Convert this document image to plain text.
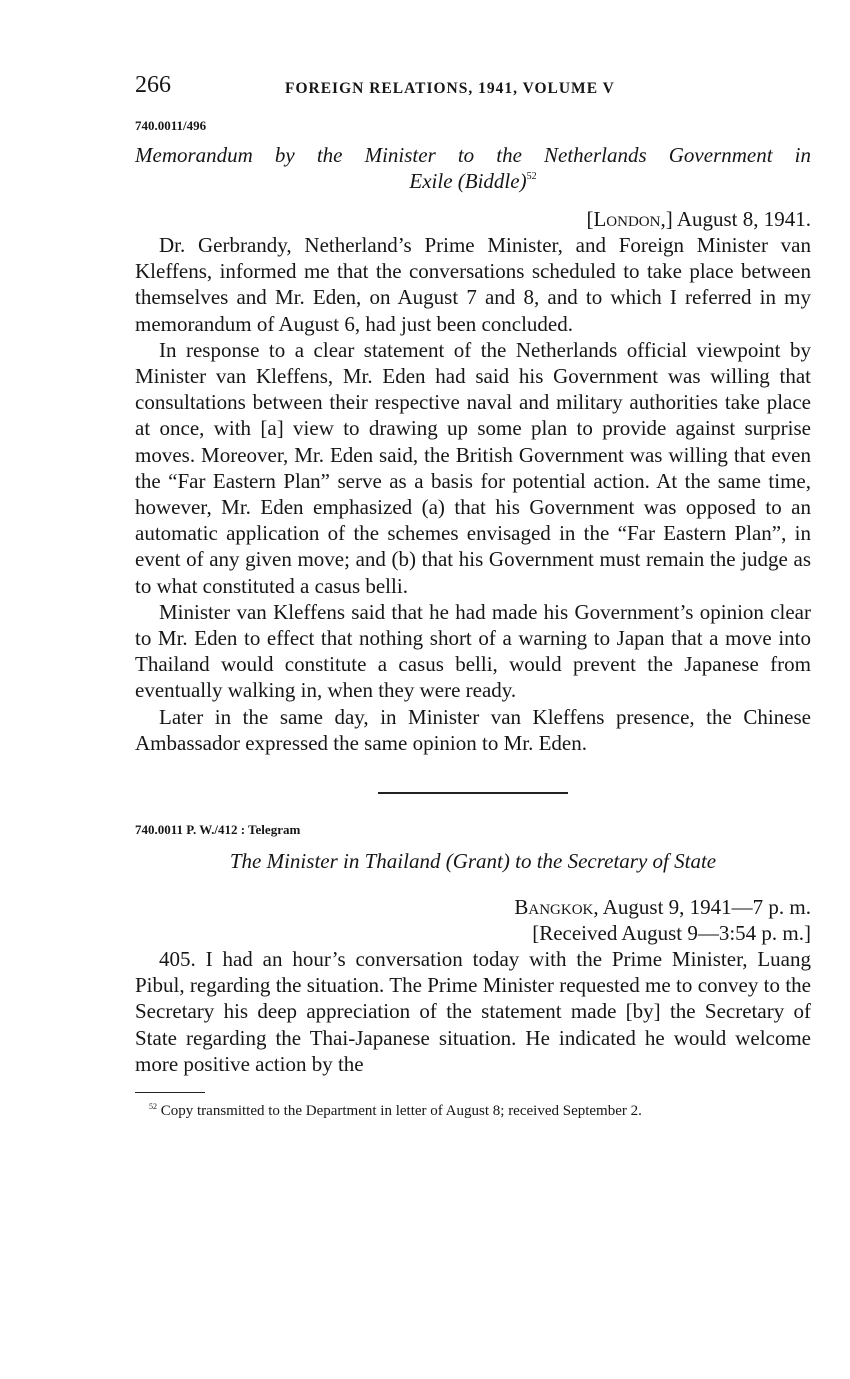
266	FOREIGN RELATIONS, 1941, VOLUME V
740.0011/496
Memorandum by the Minister to the Netherlands Government in
Exile (Biddle)$^{52}$
[London,] August 8, 1941.

Dr. Gerbrandy, Netherland’s Prime Minister, and Foreign Minister van Kleffens, informed me that the conversations scheduled to take place between themselves and Mr. Eden, on August 7 and 8, and to which I referred in my memorandum of August 6, had just been concluded.

In response to a clear statement of the Netherlands official viewpoint by Minister van Kleffens, Mr. Eden had said his Government was willing that consultations between their respective naval and military authorities take place at once, with [a] view to drawing up some plan to provide against surprise moves. Moreover, Mr. Eden said, the British Government was willing that even the “Far Eastern Plan” serve as a basis for potential action. At the same time, however, Mr. Eden emphasized (a) that his Government was opposed to an automatic application of the schemes envisaged in the “Far Eastern Plan”, in event of any given move; and (b) that his Government must remain the judge as to what constituted a casus belli.

Minister van Kleffens said that he had made his Government’s opinion clear to Mr. Eden to effect that nothing short of a warning to Japan that a move into Thailand would constitute a casus belli, would prevent the Japanese from eventually walking in, when they were ready.

Later in the same day, in Minister van Kleffens presence, the Chinese Ambassador expressed the same opinion to Mr. Eden.

740.0011 P. W./412 : Telegram
The Minister in Thailand (Grant) to the Secretary of State
Bangkok, August 9, 1941—7 p. m.
[Received August 9—3:54 p. m.]

405. I had an hour’s conversation today with the Prime Minister, Luang Pibul, regarding the situation. The Prime Minister requested me to convey to the Secretary his deep appreciation of the statement made [by] the Secretary of State regarding the Thai-Japanese situation. He indicated he would welcome more positive action by the

$^{52}$ Copy transmitted to the Department in letter of August 8; received September 2.
